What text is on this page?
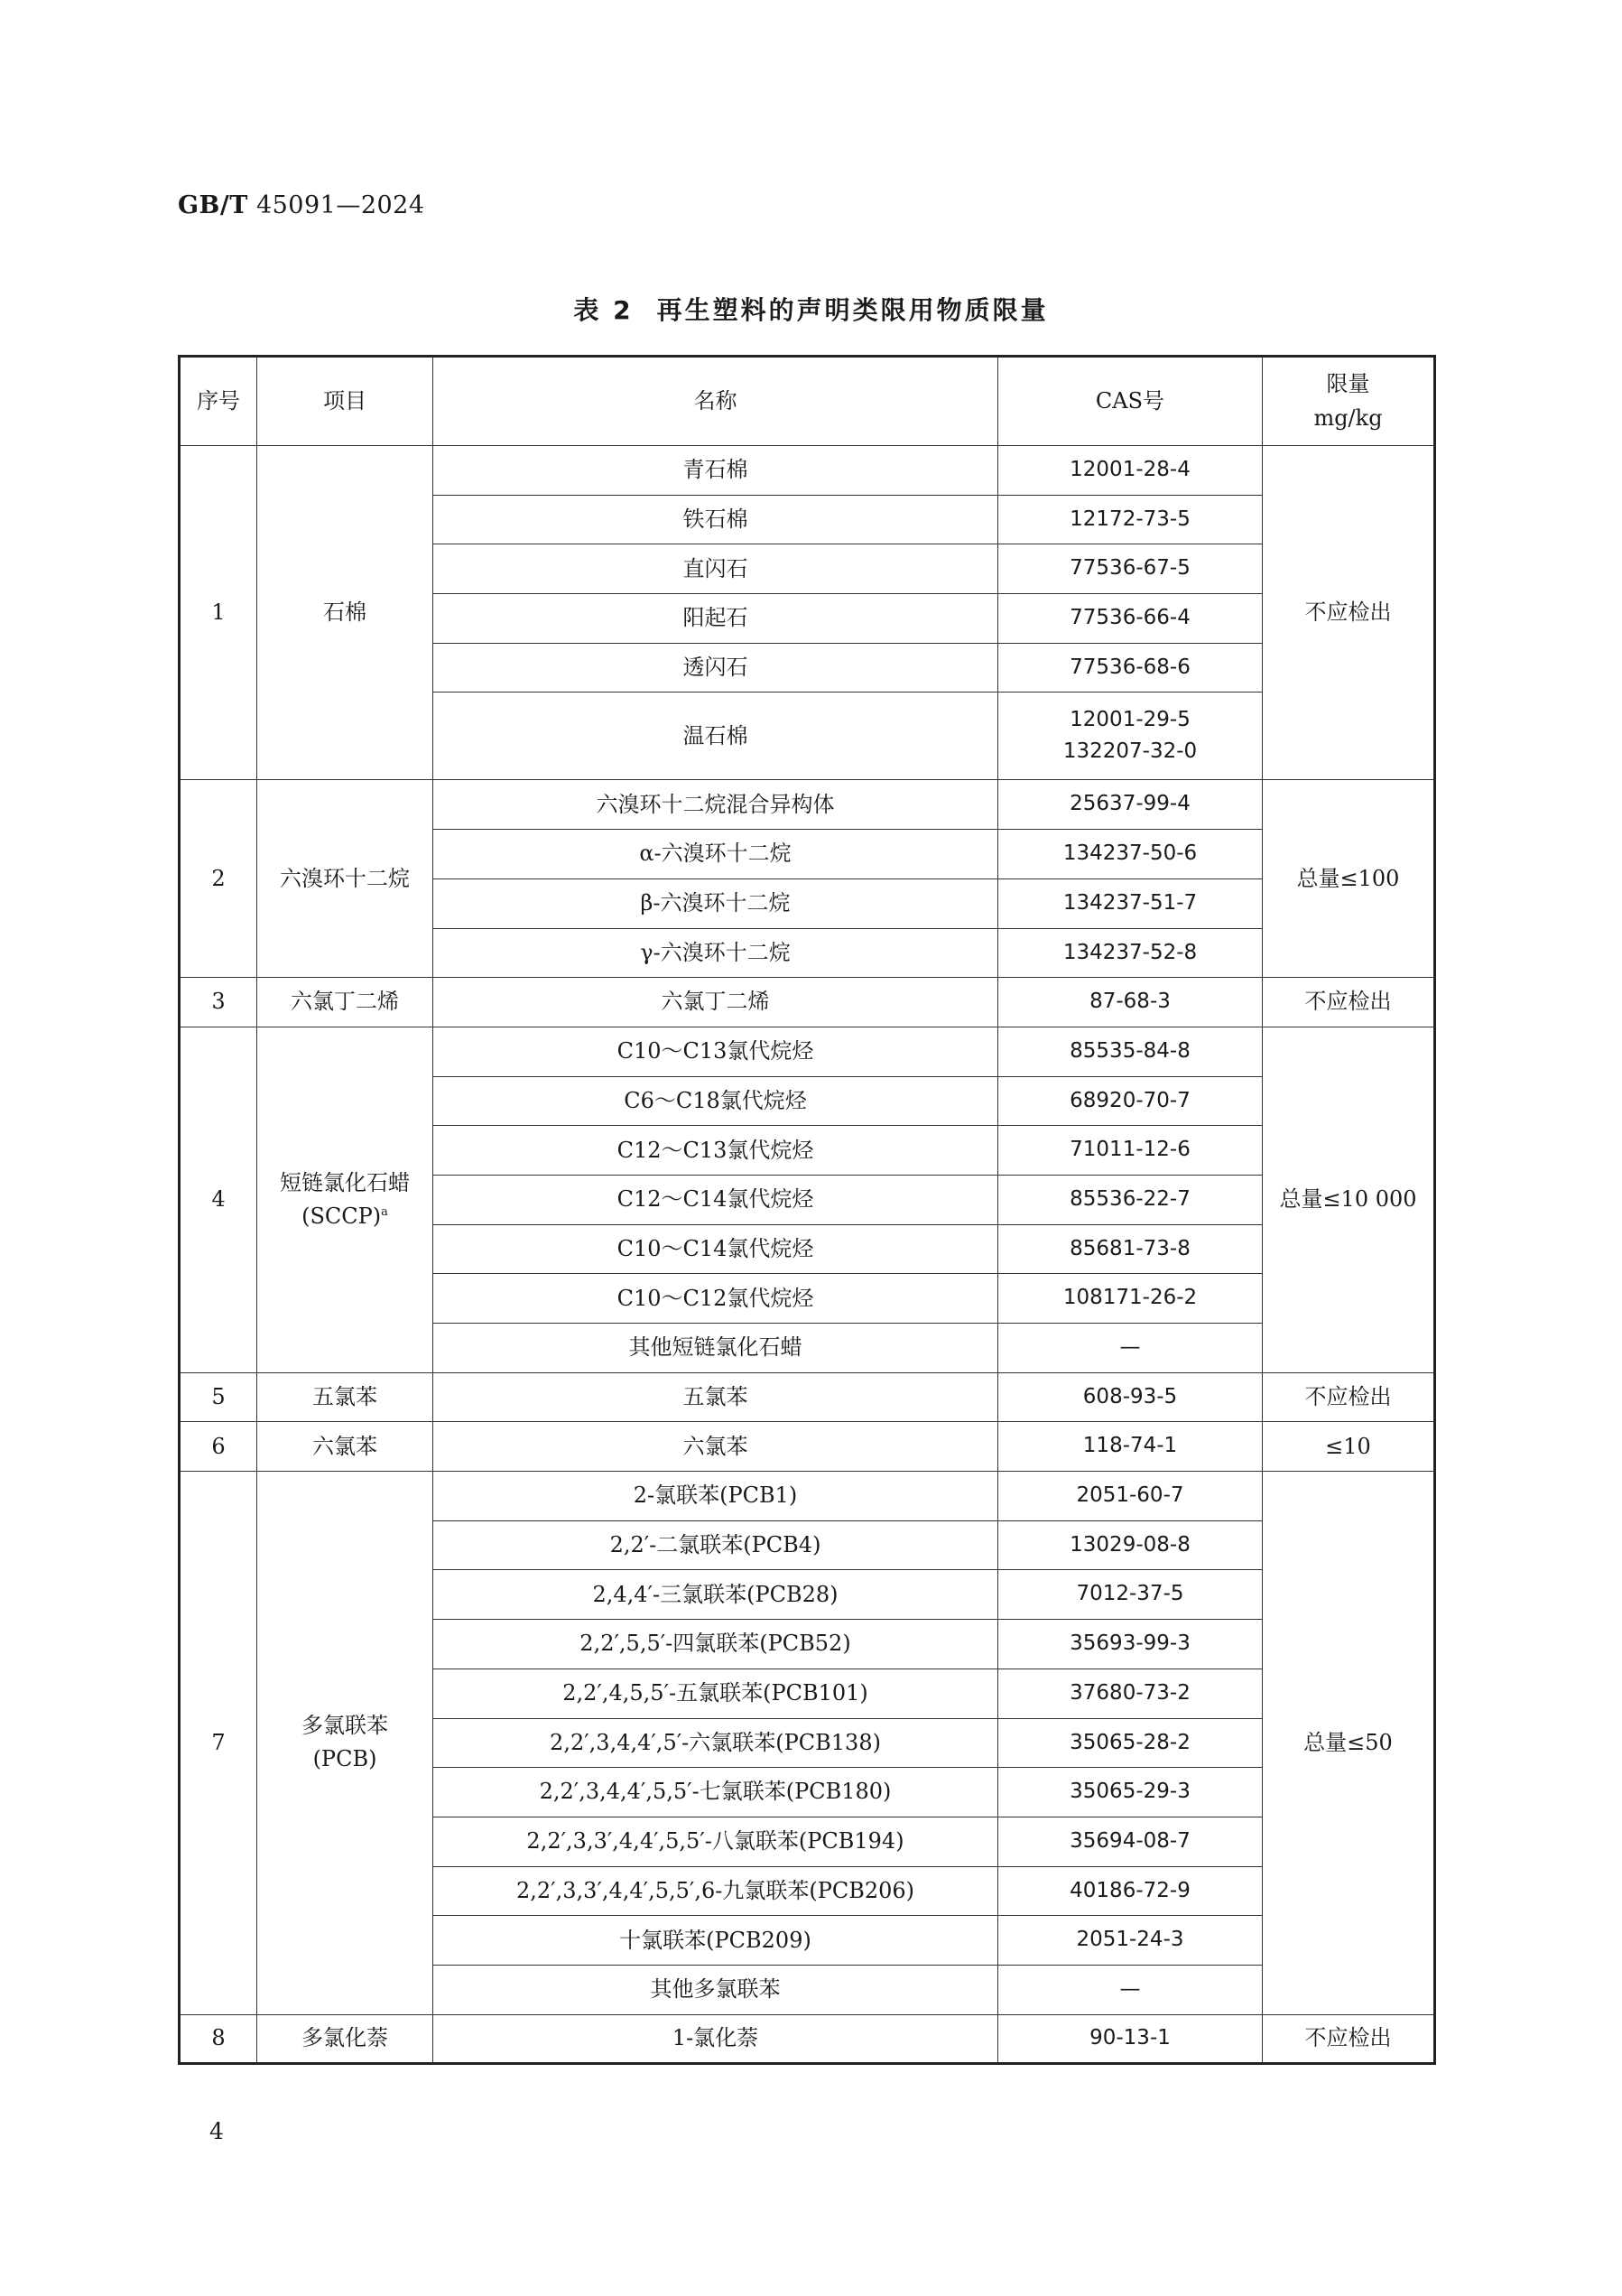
GB/T 45091—2024
表 2 再生塑料的声明类限用物质限量
序号	项目	名称	CAS号	限量
mg/kg
1	石棉	青石棉	12001-28-4	不应检出
		铁石棉	12172-73-5	
		直闪石	77536-67-5	
		阳起石	77536-66-4	
		透闪石	77536-68-6	
		温石棉	12001-29-5
132207-32-0	
2	六溴环十二烷	六溴环十二烷混合异构体	25637-99-4	总量≤100
		α-六溴环十二烷	134237-50-6	
		β-六溴环十二烷	134237-51-7	
		γ-六溴环十二烷	134237-52-8	
3	六氯丁二烯	六氯丁二烯	87-68-3	不应检出
4	短链氯化石蜡
(SCCP)$^a$	C10～C13氯代烷烃	85535-84-8	总量≤10 000
		C6～C18氯代烷烃	68920-70-7	
		C12～C13氯代烷烃	71011-12-6	
		C12～C14氯代烷烃	85536-22-7	
		C10～C14氯代烷烃	85681-73-8	
		C10～C12氯代烷烃	108171-26-2	
		其他短链氯化石蜡	—	
5	五氯苯	五氯苯	608-93-5	不应检出
6	六氯苯	六氯苯	118-74-1	≤10
7	多氯联苯
(PCB)	2-氯联苯(PCB1)	2051-60-7	总量≤50
		2,2′-二氯联苯(PCB4)	13029-08-8	
		2,4,4′-三氯联苯(PCB28)	7012-37-5	
		2,2′,5,5′-四氯联苯(PCB52)	35693-99-3	
		2,2′,4,5,5′-五氯联苯(PCB101)	37680-73-2	
		2,2′,3,4,4′,5′-六氯联苯(PCB138)	35065-28-2	
		2,2′,3,4,4′,5,5′-七氯联苯(PCB180)	35065-29-3	
		2,2′,3,3′,4,4′,5,5′-八氯联苯(PCB194)	35694-08-7	
		2,2′,3,3′,4,4′,5,5′,6-九氯联苯(PCB206)	40186-72-9	
		十氯联苯(PCB209)	2051-24-3	
		其他多氯联苯	—	
8	多氯化萘	1-氯化萘	90-13-1	不应检出
4
